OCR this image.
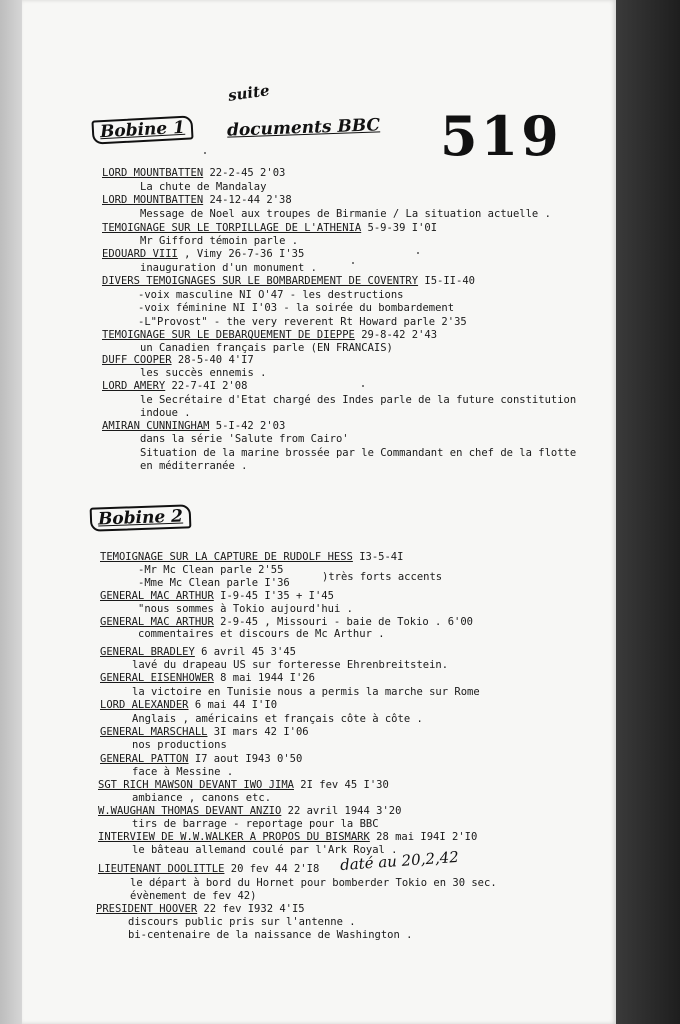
suite
Bobine 1	documents BBC 519
LORD MOUNTBATTEN 22-2-45 2'03
La chute de Mandalay
LORD MOUNTBATTEN 24-12-44 2'38
Message de Noel aux troupes de Birmanie / La situation actuelle .
TEMOIGNAGE SUR LE TORPILLAGE DE L'ATHENIA 5-9-39 I'0I
Mr Gifford témoin parle .
EDOUARD VIII , Vimy 26-7-36 I'35
inauguration d'un monument .
DIVERS TEMOIGNAGES SUR LE BOMBARDEMENT DE COVENTRY I5-II-40
-voix masculine NI O'47 - les destructions
-voix féminine NI I'03 - la soirée du bombardement
-L"Provost" - the very reverent Rt Howard parle 2'35
TEMOIGNAGE SUR LE DEBARQUEMENT DE DIEPPE 29-8-42 2'43
un Canadien français parle (EN FRANCAIS)
DUFF COOPER 28-5-40 4'I7
les succès ennemis .
LORD AMERY 22-7-4I 2'08
le Secrétaire d'Etat chargé des Indes parle de la future constitution
indoue .
AMIRAN CUNNINGHAM 5-I-42 2'03
dans la série 'Salute from Cairo'
Situation de la marine brossée par le Commandant en chef de la flotte
en méditerranée .
Bobine 2
TEMOIGNAGE SUR LA CAPTURE DE RUDOLF HESS I3-5-4I
-Mr Mc Clean parle 2'55
-Mme Mc Clean parle I'36	)très forts accents
GENERAL MAC ARTHUR I-9-45 I'35 + I'45
"nous sommes à Tokio aujourd'hui .
GENERAL MAC ARTHUR 2-9-45 , Missouri - baie de Tokio . 6'00
commentaires et discours de Mc Arthur .
GENERAL BRADLEY 6 avril 45 3'45
lavé du drapeau US sur forteresse Ehrenbreitstein.
GENERAL EISENHOWER 8 mai 1944 I'26
la victoire en Tunisie nous a permis la marche sur Rome
LORD ALEXANDER 6 mai 44 I'I0
Anglais , américains et français côte à côte .
GENERAL MARSCHALL 3I mars 42 I'06
nos productions
GENERAL PATTON I7 aout I943 0'50
face à Messine .
SGT RICH MAWSON DEVANT IWO JIMA 2I fev 45 I'30
ambiance , canons etc.
W.WAUGHAN THOMAS DEVANT ANZIO 22 avril 1944 3'20
tirs de barrage - reportage pour la BBC
INTERVIEW DE W.W.WALKER A PROPOS DU BISMARK 28 mai I94I 2'I0
le bâteau allemand coulé par l'Ark Royal .
LIEUTENANT DOOLITTLE 20 fev 44 2'I8 daté au 20,2,42
le départ à bord du Hornet pour bomberder Tokio en 30 sec.
évènement de fev 42)
PRESIDENT HOOVER 22 fev I932 4'I5
discours public pris sur l'antenne .
bi-centenaire de la naissance de Washington .
